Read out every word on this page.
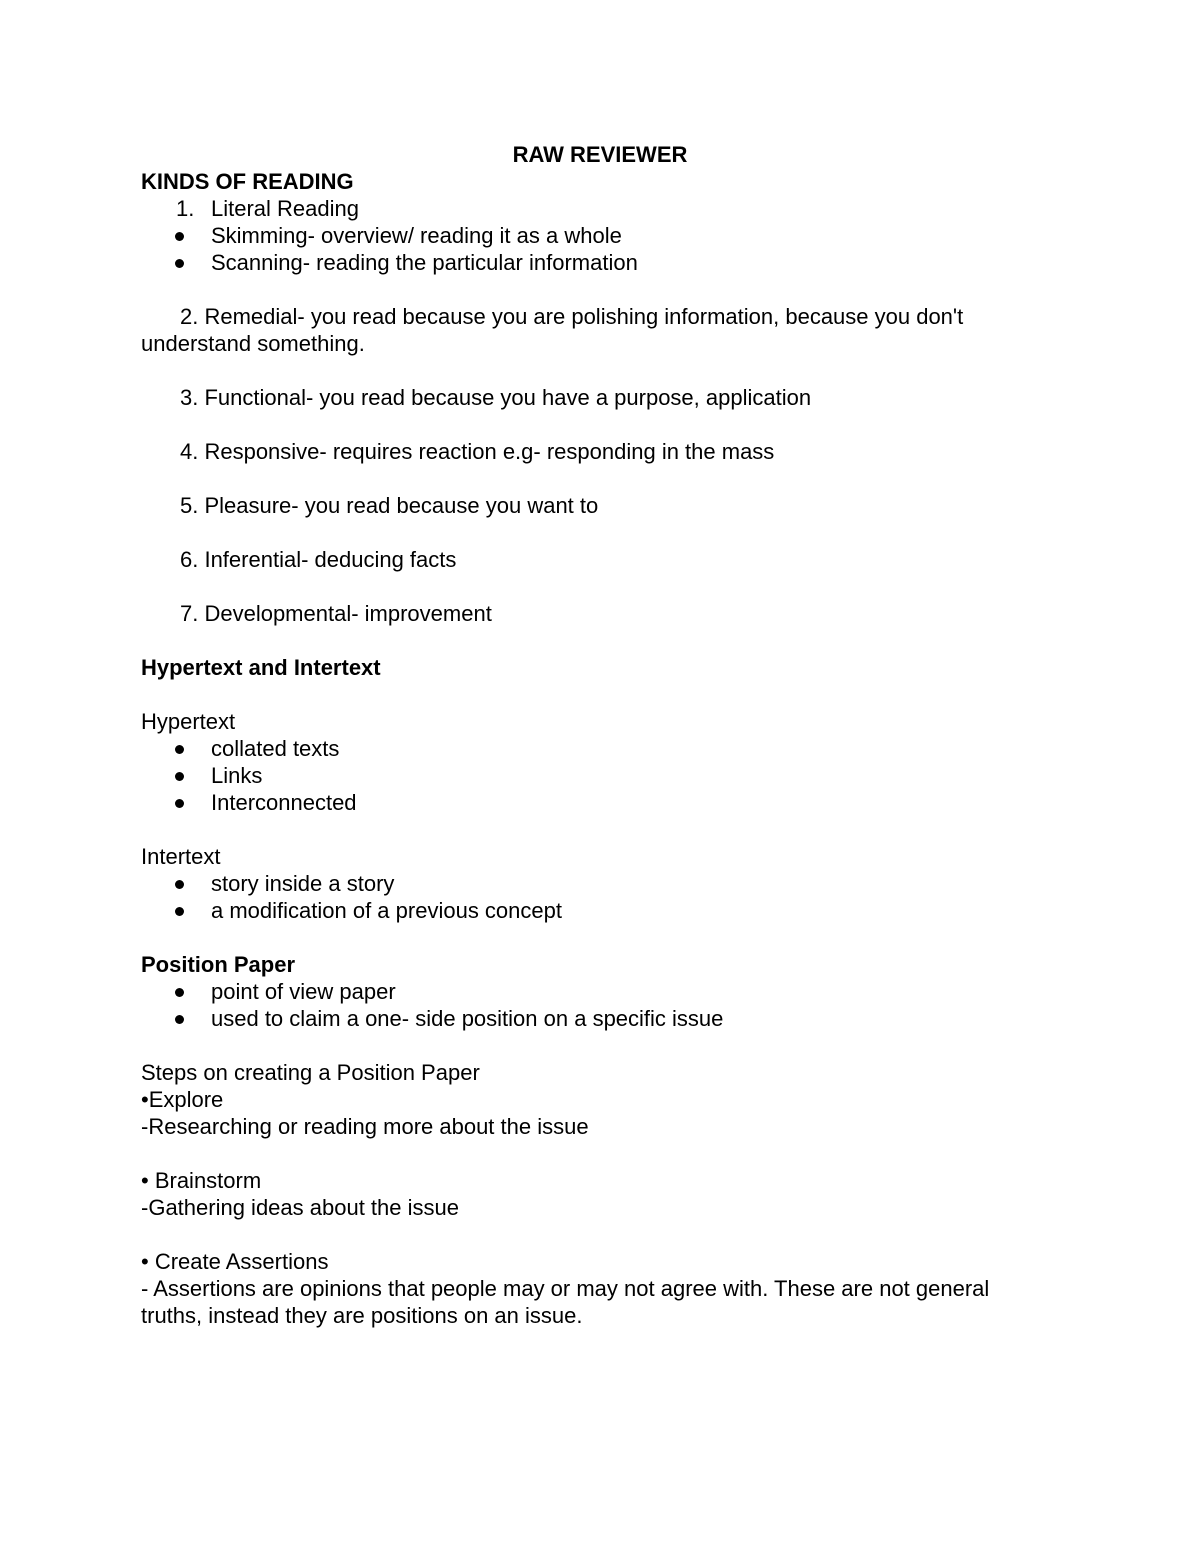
RAW REVIEWER
KINDS OF READING
1. Literal Reading
Skimming- overview/ reading it as a whole
Scanning- reading the particular information
2. Remedial- you read because you are polishing information, because you don't
understand something.
3. Functional- you read because you have a purpose, application
4. Responsive- requires reaction e.g- responding in the mass
5. Pleasure- you read because you want to
6. Inferential- deducing facts
7. Developmental- improvement
Hypertext and Intertext
Hypertext
collated texts
Links
Interconnected
Intertext
story inside a story
a modification of a previous concept
Position Paper
point of view paper
used to claim a one- side position on a specific issue
Steps on creating a Position Paper
•Explore
-Researching or reading more about the issue
• Brainstorm
-Gathering ideas about the issue
• Create Assertions
- Assertions are opinions that people may or may not agree with. These are not general
truths, instead they are positions on an issue.
